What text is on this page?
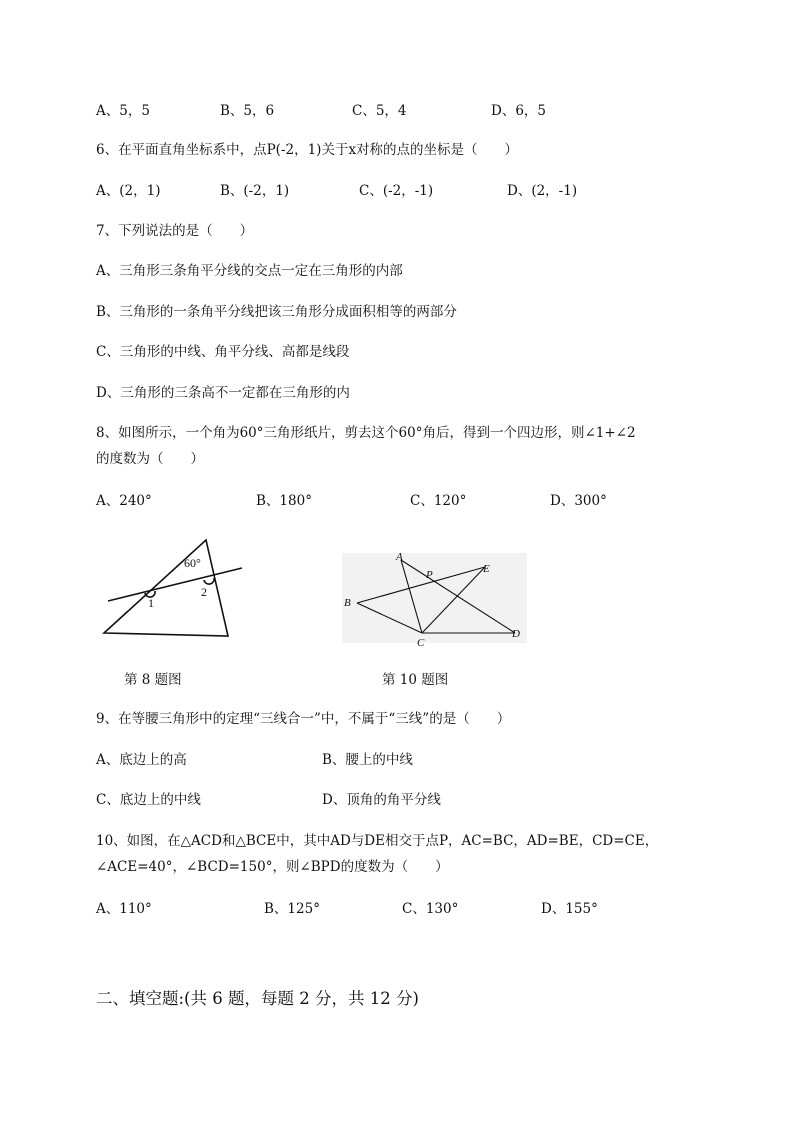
A、5，5	B、5，6	C、5，4	D、6，5
6、在平面直角坐标系中，点P(-2，1)关于x对称的点的坐标是（　　）
A、(2，1)	B、(-2，1)	C、(-2，-1)	D、(2，-1)
7、下列说法的是（　　）
A、三角形三条角平分线的交点一定在三角形的内部
B、三角形的一条角平分线把该三角形分成面积相等的两部分
C、三角形的中线、角平分线、高都是线段
D、三角形的三条高不一定都在三角形的内
8、如图所示，一个角为60°三角形纸片，剪去这个60°角后，得到一个四边形，则∠1+∠2
的度数为（　　）
A、240°	B、180°	C、120°	D、300°
60°
1
2
第 8 题图
A
P	E
B
C
D
第 10 题图
9、在等腰三角形中的定理“三线合一”中，不属于“三线”的是（　　）
A、底边上的高	B、腰上的中线
C、底边上的中线	D、顶角的角平分线
10、如图，在△ACD和△BCE中，其中AD与DE相交于点P，AC=BC，AD=BE，CD=CE，
∠ACE=40°，∠BCD=150°，则∠BPD的度数为（　　）
A、110°	B、125°	C、130°	D、155°
二、填空题:(共 6 题，每题 2 分，共 12 分)
